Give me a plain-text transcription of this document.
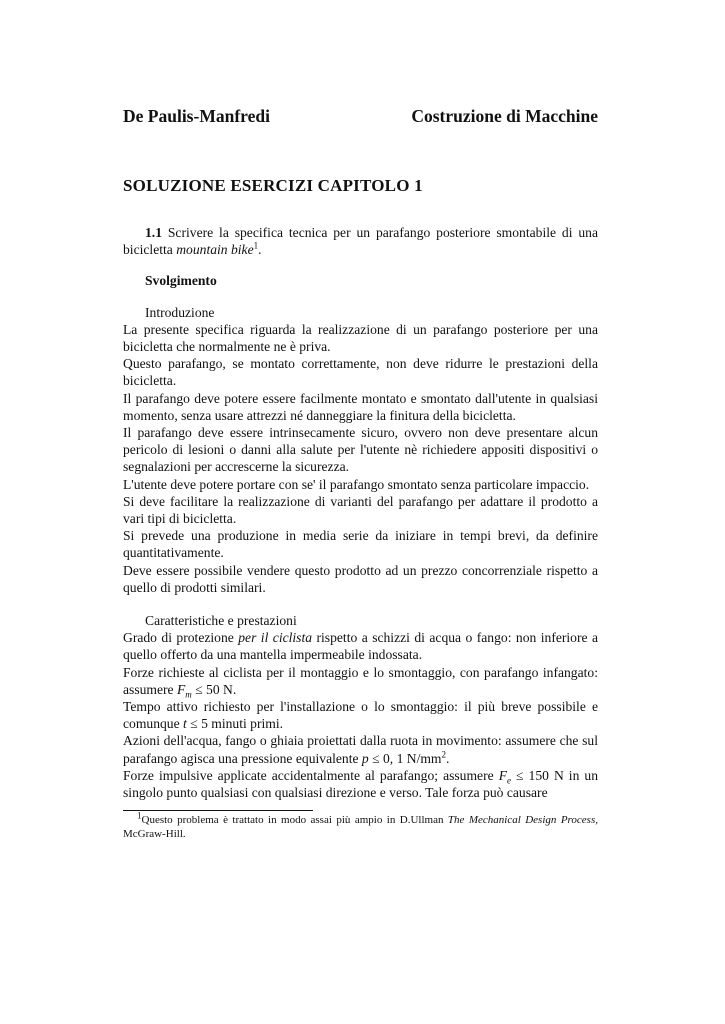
De Paulis-Manfredi	Costruzione di Macchine
SOLUZIONE ESERCIZI CAPITOLO 1

1.1 Scrivere la specifica tecnica per un parafango posteriore smontabile di una bicicletta mountain bike$^1$.

Svolgimento

Introduzione

La presente specifica riguarda la realizzazione di un parafango posteriore per una bicicletta che normalmente ne è priva.

Questo parafango, se montato correttamente, non deve ridurre le prestazioni della bicicletta.

Il parafango deve potere essere facilmente montato e smontato dall'utente in qualsiasi momento, senza usare attrezzi né danneggiare la finitura della bicicletta.

Il parafango deve essere intrinsecamente sicuro, ovvero non deve presentare alcun pericolo di lesioni o danni alla salute per l'utente nè richiedere appositi dispositivi o segnalazioni per accrescerne la sicurezza.

L'utente deve potere portare con se' il parafango smontato senza particolare impaccio.

Si deve facilitare la realizzazione di varianti del parafango per adattare il prodotto a vari tipi di bicicletta.

Si prevede una produzione in media serie da iniziare in tempi brevi, da definire quantitativamente.

Deve essere possibile vendere questo prodotto ad un prezzo concorrenziale rispetto a quello di prodotti similari.

Caratteristiche e prestazioni

Grado di protezione per il ciclista rispetto a schizzi di acqua o fango: non inferiore a quello offerto da una mantella impermeabile indossata.

Forze richieste al ciclista per il montaggio e lo smontaggio, con parafango infangato: assumere $F_m \le 50$ N.

Tempo attivo richiesto per l'installazione o lo smontaggio: il più breve possibile e comunque t ≤ 5 minuti primi.

Azioni dell'acqua, fango o ghiaia proiettati dalla ruota in movimento: assumere che sul parafango agisca una pressione equivalente p ≤ 0, 1 $N/mm^2$.

Forze impulsive applicate accidentalmente al parafango; assumere $F_e \le 150$ N in un singolo punto qualsiasi con qualsiasi direzione e verso. Tale forza può causare

$^1$Questo problema è trattato in modo assai più ampio in D.Ullman The Mechanical Design Process, McGraw-Hill.
